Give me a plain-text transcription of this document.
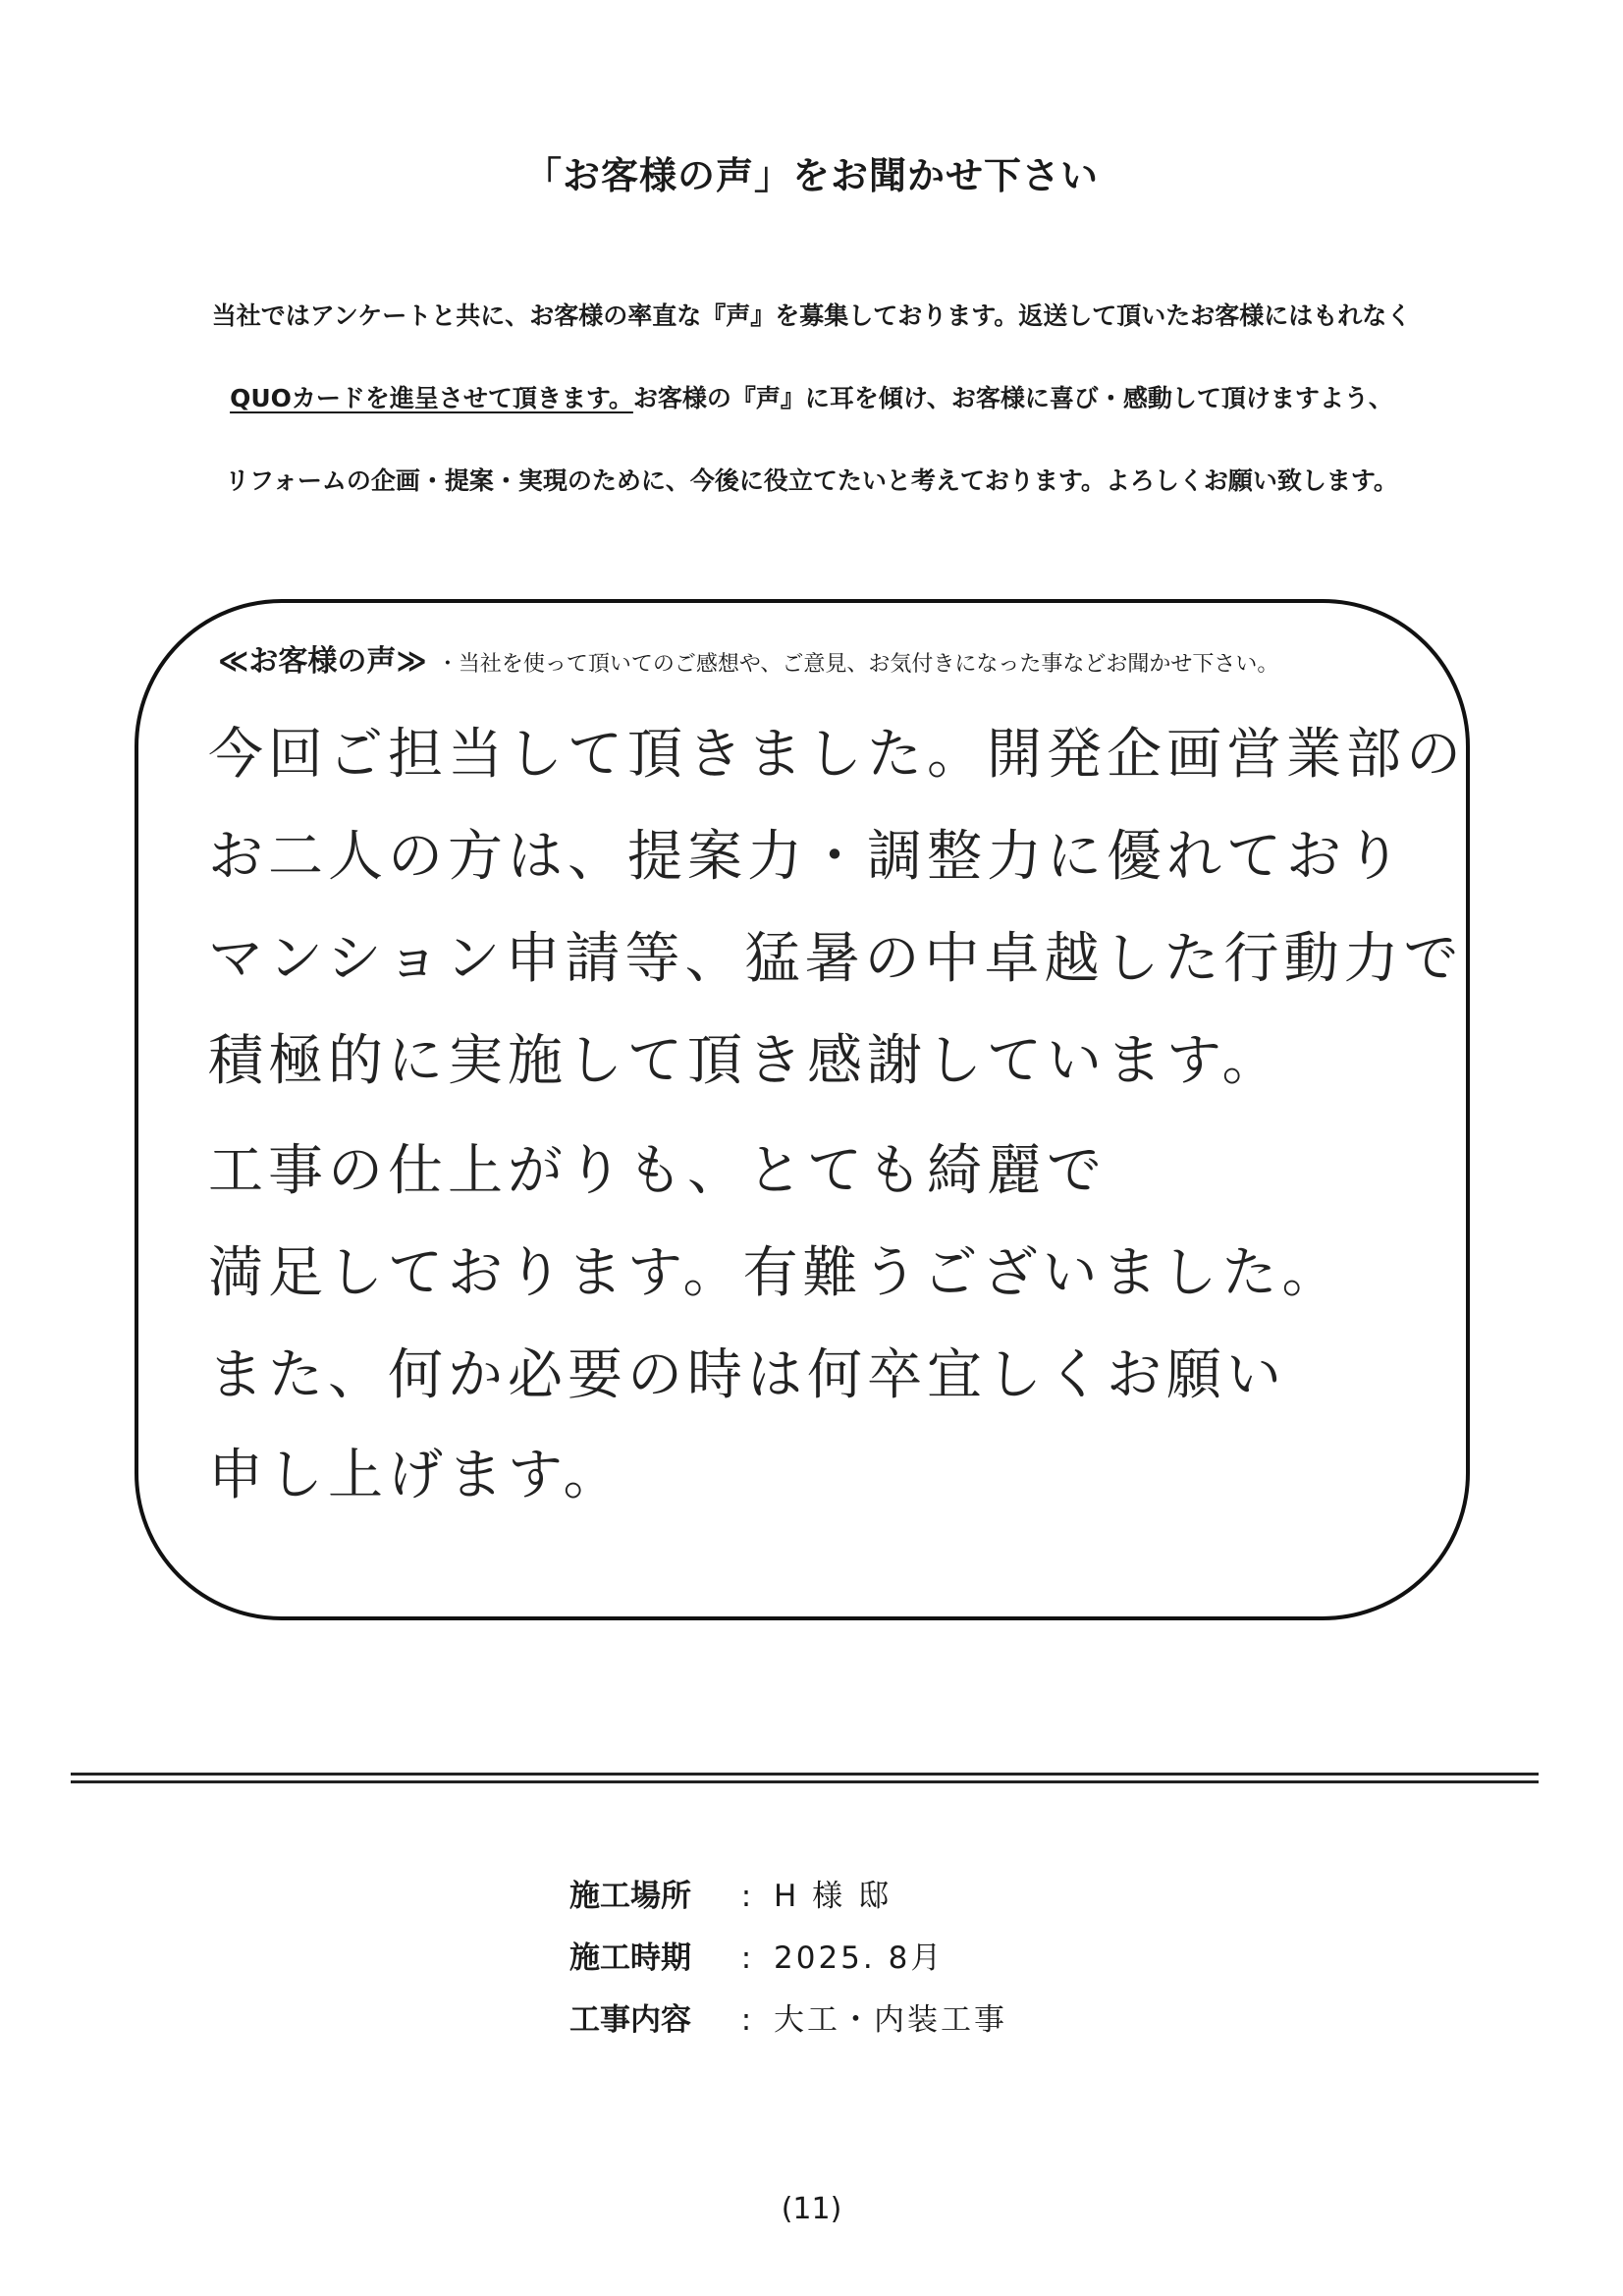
「お客様の声」をお聞かせ下さい
当社ではアンケートと共に、お客様の率直な『声』を募集しております。返送して頂いたお客様にはもれなく
QUOカードを進呈させて頂きます。お客様の『声』に耳を傾け、お客様に喜び・感動して頂けますよう、
リフォームの企画・提案・実現のために、今後に役立てたいと考えております。よろしくお願い致します。
≪お客様の声≫ ・当社を使って頂いてのご感想や、ご意見、お気付きになった事などお聞かせ下さい。
今回ご担当して頂きました。開発企画営業部の
お二人の方は、提案力・調整力に優れており
マンション申請等、猛暑の中卓越した行動力で
積極的に実施して頂き感謝しています。
工事の仕上がりも、とても綺麗で
満足しております。有難うございました。
また、何か必要の時は何卒宜しくお願い
申し上げます。
施工場所 : H 様 邸
施工時期 : 2025. 8月
工事内容 : 大工・内装工事
(11)
